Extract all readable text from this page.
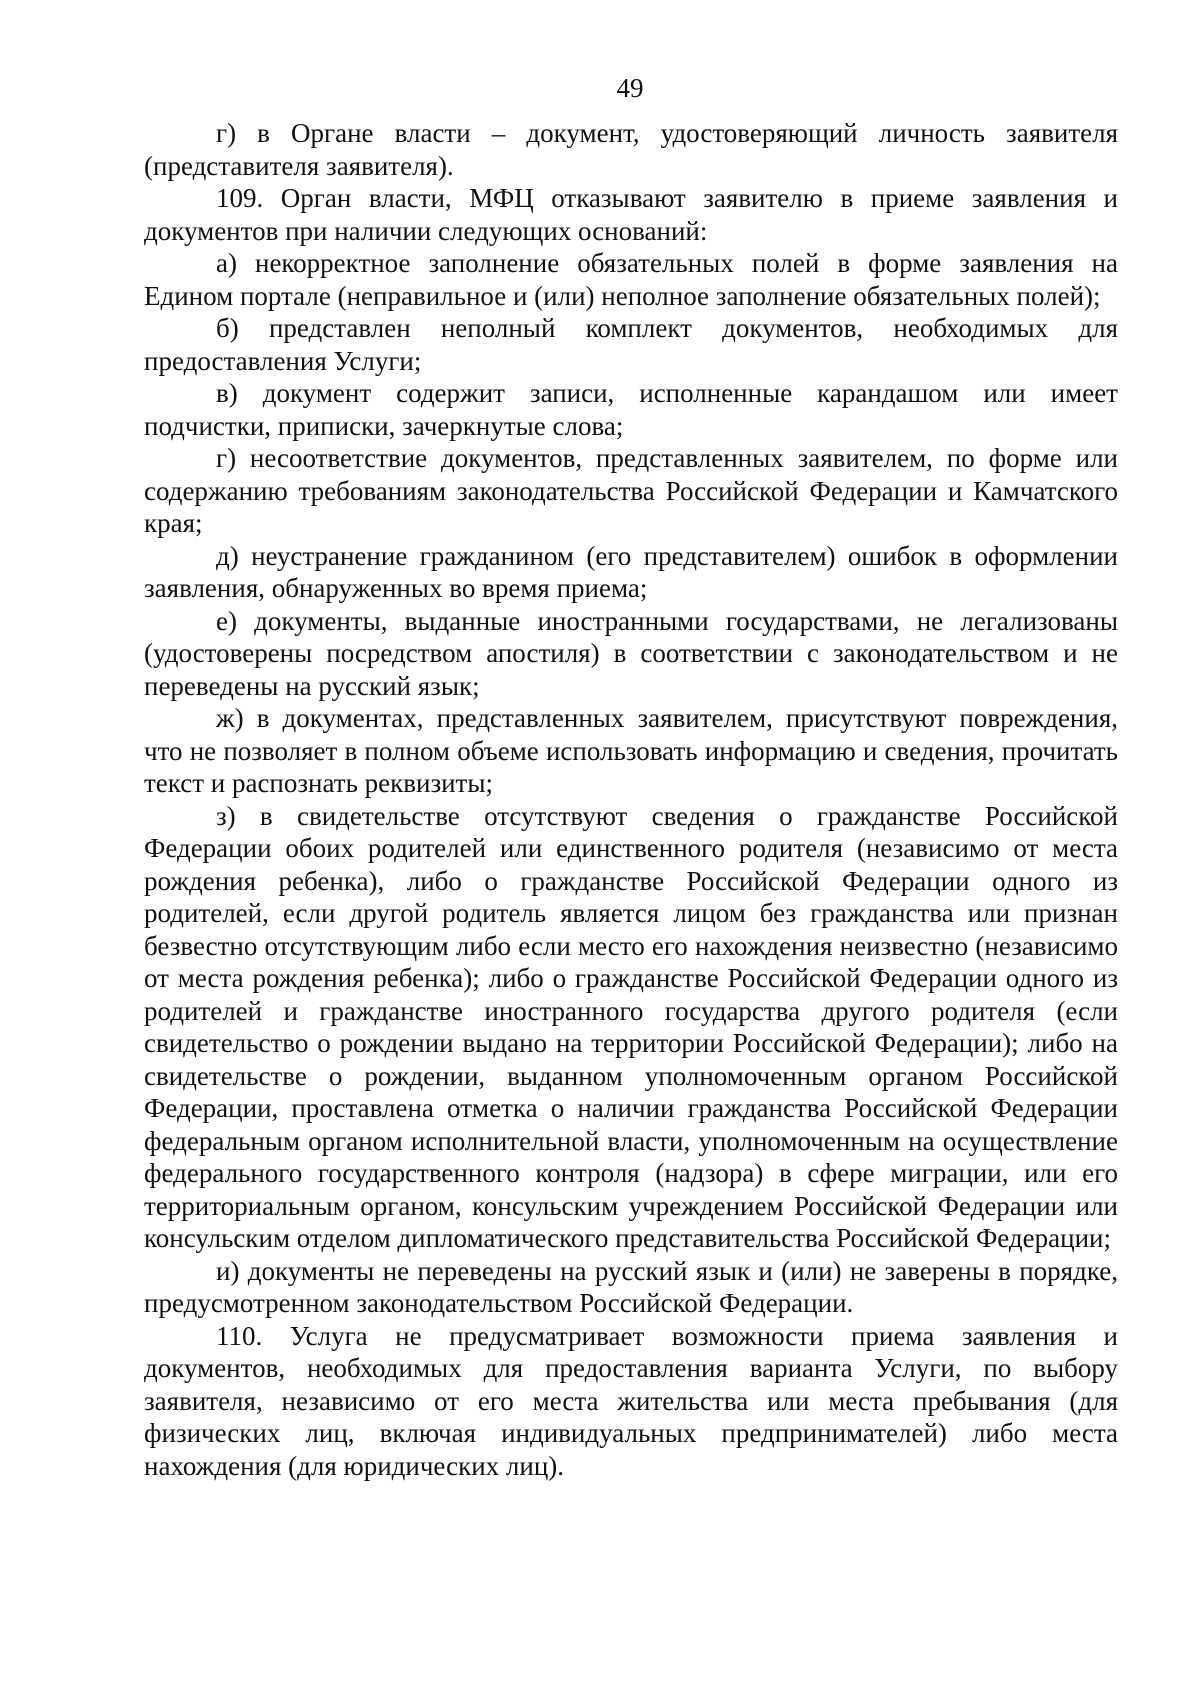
49

г) в Органе власти – документ, удостоверяющий личность заявителя (представителя заявителя).

109. Орган власти, МФЦ отказывают заявителю в приеме заявления и документов при наличии следующих оснований:

а) некорректное заполнение обязательных полей в форме заявления на Едином портале (неправильное и (или) неполное заполнение обязательных полей);

б) представлен неполный комплект документов, необходимых для предоставления Услуги;

в) документ содержит записи, исполненные карандашом или имеет подчистки, приписки, зачеркнутые слова;

г) несоответствие документов, представленных заявителем, по форме или содержанию требованиям законодательства Российской Федерации и Камчатского края;

д) неустранение гражданином (его представителем) ошибок в оформлении заявления, обнаруженных во время приема;

е) документы, выданные иностранными государствами, не легализованы (удостоверены посредством апостиля) в соответствии с законодательством и не переведены на русский язык;

ж) в документах, представленных заявителем, присутствуют повреждения, что не позволяет в полном объеме использовать информацию и сведения, прочитать текст и распознать реквизиты;

з) в свидетельстве отсутствуют сведения о гражданстве Российской Федерации обоих родителей или единственного родителя (независимо от места рождения ребенка), либо о гражданстве Российской Федерации одного из родителей, если другой родитель является лицом без гражданства или признан безвестно отсутствующим либо если место его нахождения неизвестно (независимо от места рождения ребенка); либо о гражданстве Российской Федерации одного из родителей и гражданстве иностранного государства другого родителя (если свидетельство о рождении выдано на территории Российской Федерации); либо на свидетельстве о рождении, выданном уполномоченным органом Российской Федерации, проставлена отметка о наличии гражданства Российской Федерации федеральным органом исполнительной власти, уполномоченным на осуществление федерального государственного контроля (надзора) в сфере миграции, или его территориальным органом, консульским учреждением Российской Федерации или консульским отделом дипломатического представительства Российской Федерации;

и) документы не переведены на русский язык и (или) не заверены в порядке, предусмотренном законодательством Российской Федерации.

110. Услуга не предусматривает возможности приема заявления и документов, необходимых для предоставления варианта Услуги, по выбору заявителя, независимо от его места жительства или места пребывания (для физических лиц, включая индивидуальных предпринимателей) либо места нахождения (для юридических лиц).
